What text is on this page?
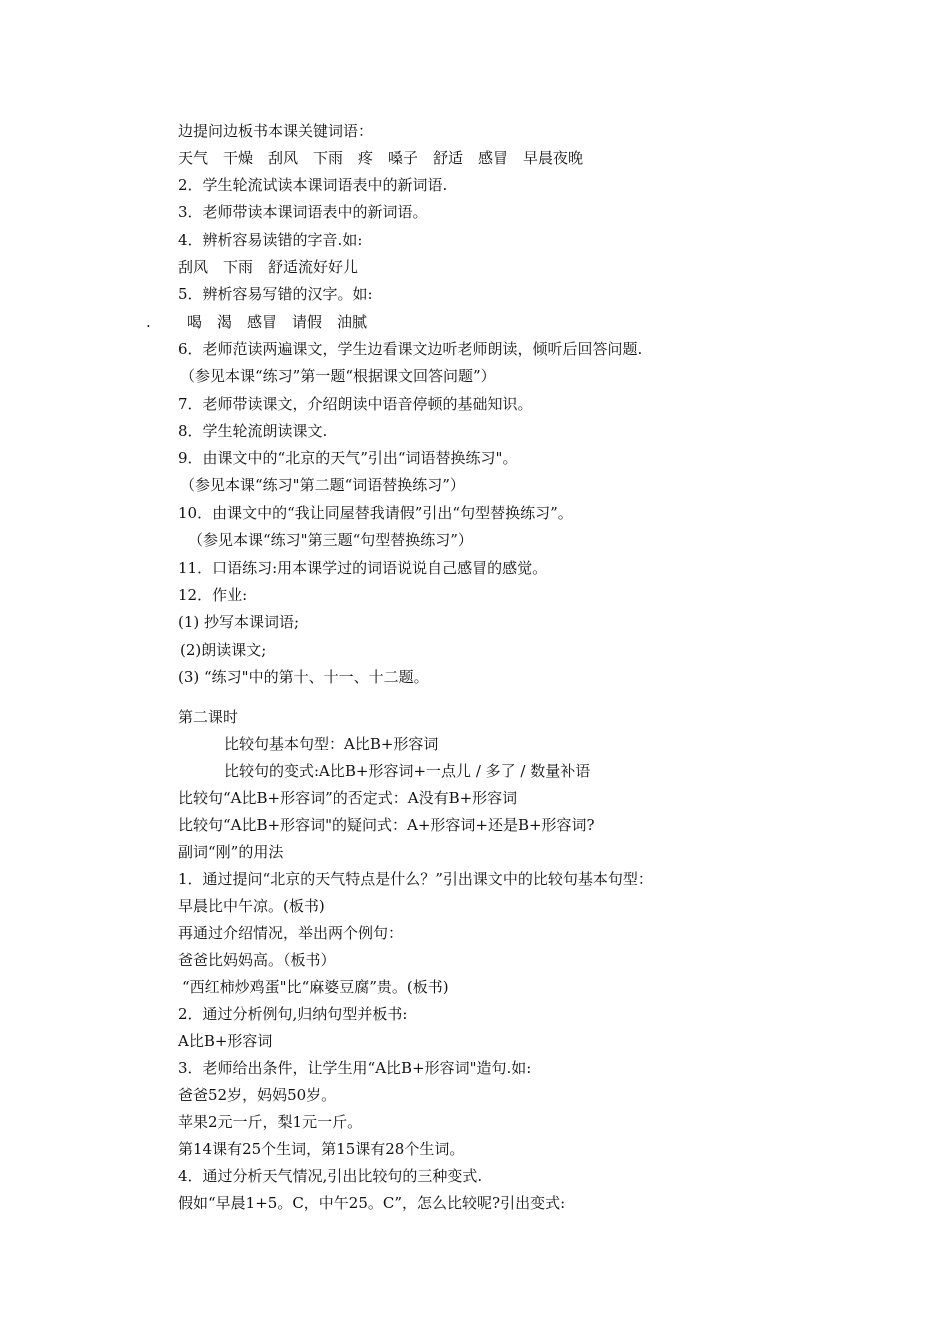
边提问边板书本课关键词语：
天气　干燥　刮风　下雨　疼　嗓子　舒适　感冒　早晨夜晚
2．学生轮流试读本课词语表中的新词语.
3．老师带读本课词语表中的新词语。
4．辨析容易读错的字音.如:
刮风　下雨　舒适流好好儿
5．辨析容易写错的汉字。如:
. 喝　渴　感冒　请假　油腻
6．老师范读两遍课文，学生边看课文边听老师朗读，倾听后回答问题.
（参见本课“练习”第一题“根据课文回答问题”）
7．老师带读课文，介绍朗读中语音停顿的基础知识。
8．学生轮流朗读课文.
9．由课文中的“北京的天气”引出“词语替换练习"。
（参见本课“练习"第二题“词语替换练习”）
10．由课文中的“我让同屋替我请假”引出“句型替换练习”。
（参见本课“练习"第三题“句型替换练习”）
11．口语练习:用本课学过的词语说说自己感冒的感觉。
12．作业:
(1) 抄写本课词语;
(2)朗读课文;
(3) “练习"中的第十、十一、十二题。
第二课时
比较句基本句型：A比B+形容词
比较句的变式:A比B+形容词+一点儿 / 多了 / 数量补语
比较句“A比B+形容词”的否定式：A没有B+形容词
比较句“A比B+形容词"的疑问式：A+形容词+还是B+形容词?
副词“刚”的用法
1．通过提问“北京的天气特点是什么？”引出课文中的比较句基本句型：
早晨比中午凉。(板书)
再通过介绍情况，举出两个例句：
爸爸比妈妈高。（板书）
“西红柿炒鸡蛋"比“麻婆豆腐”贵。(板书)
2．通过分析例句,归纳句型并板书:
A比B+形容词
3．老师给出条件，让学生用“A比B+形容词"造句.如:
爸爸52岁，妈妈50岁。
苹果2元一斤，梨1元一斤。
第14课有25个生词，第15课有28个生词。
4．通过分析天气情况,引出比较句的三种变式.
假如“早晨1+5。C，中午25。C”，怎么比较呢?引出变式:
